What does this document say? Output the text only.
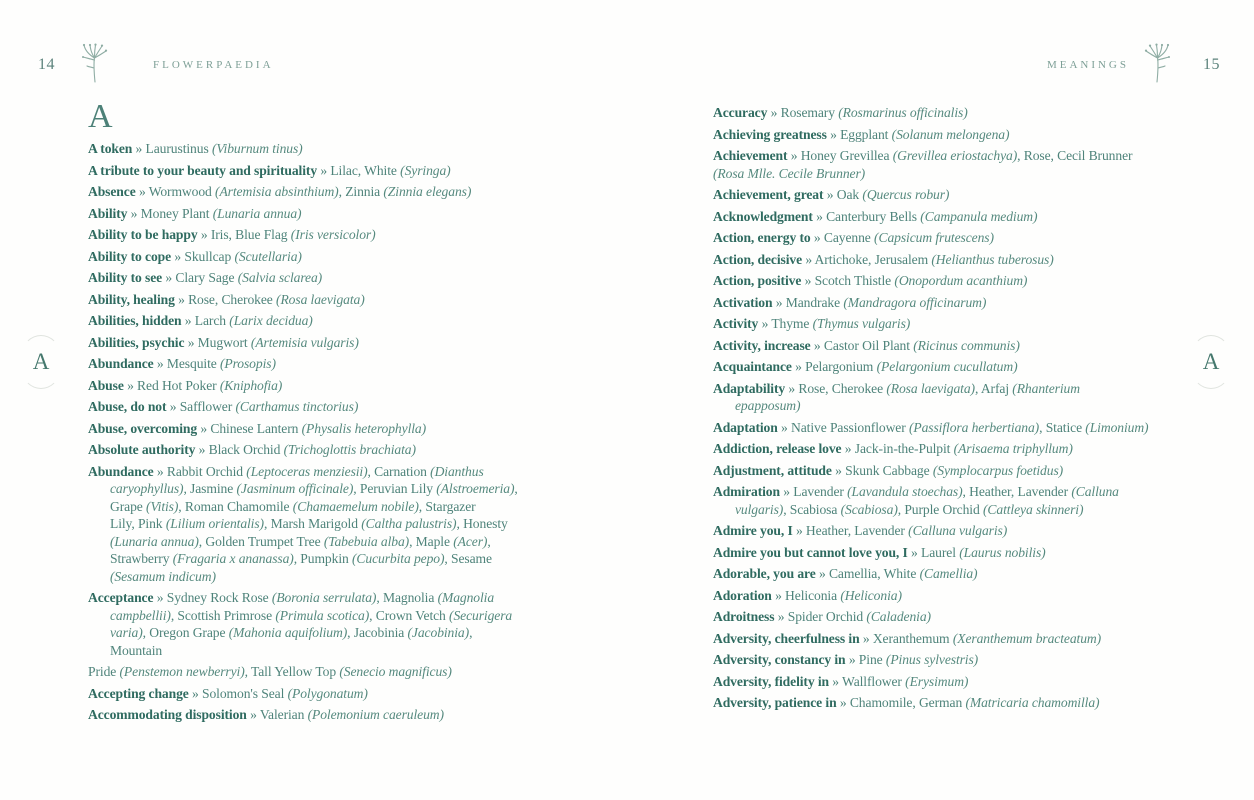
14	FLOWERPAEDIA	MEANINGS	15
A	A
A
A token » Laurustinus (Viburnum tinus)
A tribute to your beauty and spirituality » Lilac, White (Syringa)
Absence » Wormwood (Artemisia absinthium), Zinnia (Zinnia elegans)
Ability » Money Plant (Lunaria annua)
Ability to be happy » Iris, Blue Flag (Iris versicolor)
Ability to cope » Skullcap (Scutellaria)
Ability to see » Clary Sage (Salvia sclarea)
Ability, healing » Rose, Cherokee (Rosa laevigata)
Abilities, hidden » Larch (Larix decidua)
Abilities, psychic » Mugwort (Artemisia vulgaris)
Abundance » Mesquite (Prosopis)
Abuse » Red Hot Poker (Kniphofia)
Abuse, do not » Safflower (Carthamus tinctorius)
Abuse, overcoming » Chinese Lantern (Physalis heterophylla)
Absolute authority » Black Orchid (Trichoglottis brachiata)
Abundance » Rabbit Orchid (Leptoceras menziesii), Carnation (Dianthus
caryophyllus), Jasmine (Jasminum officinale), Peruvian Lily (Alstroemeria),
Grape (Vitis), Roman Chamomile (Chamaemelum nobile), Stargazer
Lily, Pink (Lilium orientalis), Marsh Marigold (Caltha palustris), Honesty
(Lunaria annua), Golden Trumpet Tree (Tabebuia alba), Maple (Acer),
Strawberry (Fragaria x ananassa), Pumpkin (Cucurbita pepo), Sesame
(Sesamum indicum)
Acceptance » Sydney Rock Rose (Boronia serrulata), Magnolia (Magnolia
campbellii), Scottish Primrose (Primula scotica), Crown Vetch (Securigera
varia), Oregon Grape (Mahonia aquifolium), Jacobinia (Jacobinia),
Mountain
Pride (Penstemon newberryi), Tall Yellow Top (Senecio magnificus)
Accepting change » Solomon's Seal (Polygonatum)
Accommodating disposition » Valerian (Polemonium caeruleum)
Accuracy » Rosemary (Rosmarinus officinalis)
Achieving greatness » Eggplant (Solanum melongena)
Achievement » Honey Grevillea (Grevillea eriostachya), Rose, Cecil Brunner
(Rosa Mlle. Cecile Brunner)
Achievement, great » Oak (Quercus robur)
Acknowledgment » Canterbury Bells (Campanula medium)
Action, energy to » Cayenne (Capsicum frutescens)
Action, decisive » Artichoke, Jerusalem (Helianthus tuberosus)
Action, positive » Scotch Thistle (Onopordum acanthium)
Activation » Mandrake (Mandragora officinarum)
Activity » Thyme (Thymus vulgaris)
Activity, increase » Castor Oil Plant (Ricinus communis)
Acquaintance » Pelargonium (Pelargonium cucullatum)
Adaptability » Rose, Cherokee (Rosa laevigata), Arfaj (Rhanterium
epapposum)
Adaptation » Native Passionflower (Passiflora herbertiana), Statice (Limonium)
Addiction, release love » Jack-in-the-Pulpit (Arisaema triphyllum)
Adjustment, attitude » Skunk Cabbage (Symplocarpus foetidus)
Admiration » Lavender (Lavandula stoechas), Heather, Lavender (Calluna
vulgaris), Scabiosa (Scabiosa), Purple Orchid (Cattleya skinneri)
Admire you, I » Heather, Lavender (Calluna vulgaris)
Admire you but cannot love you, I » Laurel (Laurus nobilis)
Adorable, you are » Camellia, White (Camellia)
Adoration » Heliconia (Heliconia)
Adroitness » Spider Orchid (Caladenia)
Adversity, cheerfulness in » Xeranthemum (Xeranthemum bracteatum)
Adversity, constancy in » Pine (Pinus sylvestris)
Adversity, fidelity in » Wallflower (Erysimum)
Adversity, patience in » Chamomile, German (Matricaria chamomilla)
